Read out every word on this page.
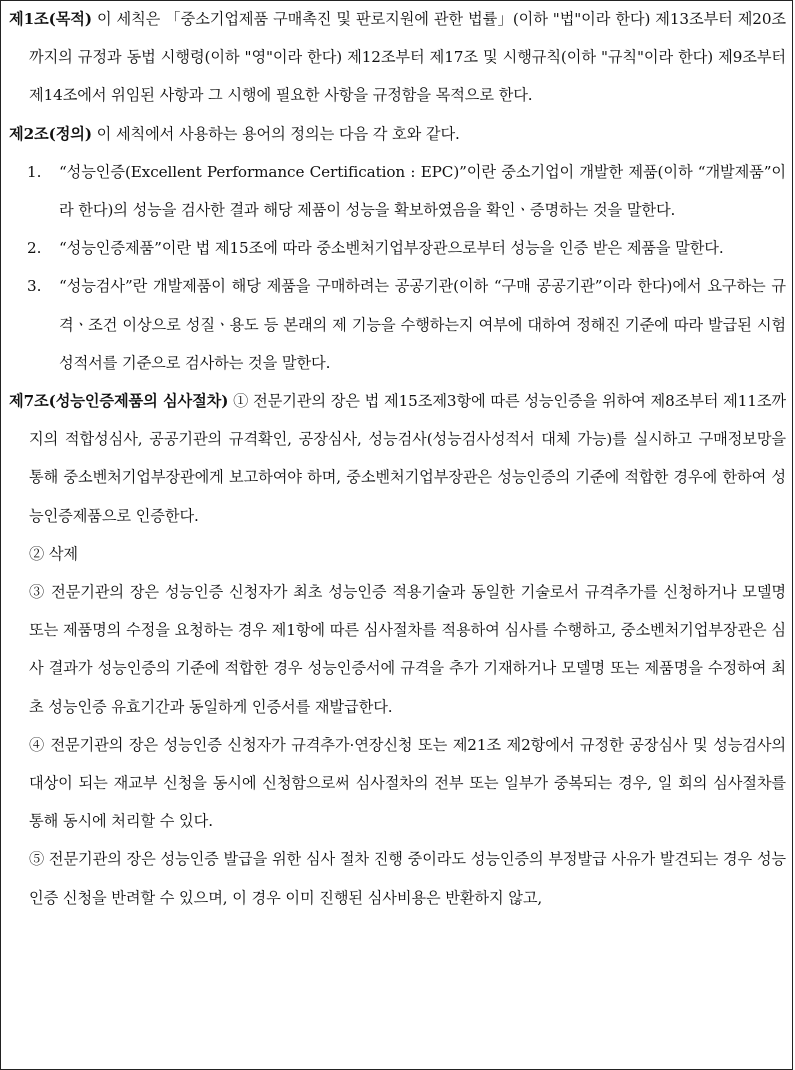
제1조(목적) 이 세칙은 「중소기업제품 구매촉진 및 판로지원에 관한 법률」(이하 "법"이라 한다) 제13조부터 제20조까지의 규정과 동법 시행령(이하 "영"이라 한다) 제12조부터 제17조 및 시행규칙(이하 "규칙"이라 한다) 제9조부터 제14조에서 위임된 사항과 그 시행에 필요한 사항을 규정함을 목적으로 한다.

제2조(정의) 이 세칙에서 사용하는 용어의 정의는 다음 각 호와 같다.

1.	“성능인증(Excellent Performance Certification : EPC)”이란 중소기업이 개발한 제품(이하 “개발제품”이라 한다)의 성능을 검사한 결과 해당 제품이 성능을 확보하였음을 확인ㆍ증명하는 것을 말한다.
2.	“성능인증제품”이란 법 제15조에 따라 중소벤처기업부장관으로부터 성능을 인증 받은 제품을 말한다.
3.	“성능검사”란 개발제품이 해당 제품을 구매하려는 공공기관(이하 “구매 공공기관”이라 한다)에서 요구하는 규격ㆍ조건 이상으로 성질ㆍ용도 등 본래의 제 기능을 수행하는지 여부에 대하여 정해진 기준에 따라 발급된 시험성적서를 기준으로 검사하는 것을 말한다.

제7조(성능인증제품의 심사절차) ① 전문기관의 장은 법 제15조제3항에 따른 성능인증을 위하여 제8조부터 제11조까지의 적합성심사, 공공기관의 규격확인, 공장심사, 성능검사(성능검사성적서 대체 가능)를 실시하고 구매정보망을 통해 중소벤처기업부장관에게 보고하여야 하며, 중소벤처기업부장관은 성능인증의 기준에 적합한 경우에 한하여 성능인증제품으로 인증한다.

② 삭제

③ 전문기관의 장은 성능인증 신청자가 최초 성능인증 적용기술과 동일한 기술로서 규격추가를 신청하거나 모델명 또는 제품명의 수정을 요청하는 경우 제1항에 따른 심사절차를 적용하여 심사를 수행하고, 중소벤처기업부장관은 심사 결과가 성능인증의 기준에 적합한 경우 성능인증서에 규격을 추가 기재하거나 모델명 또는 제품명을 수정하여 최초 성능인증 유효기간과 동일하게 인증서를 재발급한다.

④ 전문기관의 장은 성능인증 신청자가 규격추가·연장신청 또는 제21조 제2항에서 규정한 공장심사 및 성능검사의 대상이 되는 재교부 신청을 동시에 신청함으로써 심사절차의 전부 또는 일부가 중복되는 경우, 일 회의 심사절차를 통해 동시에 처리할 수 있다.

⑤ 전문기관의 장은 성능인증 발급을 위한 심사 절차 진행 중이라도 성능인증의 부정발급 사유가 발견되는 경우 성능인증 신청을 반려할 수 있으며, 이 경우 이미 진행된 심사비용은 반환하지 않고,
